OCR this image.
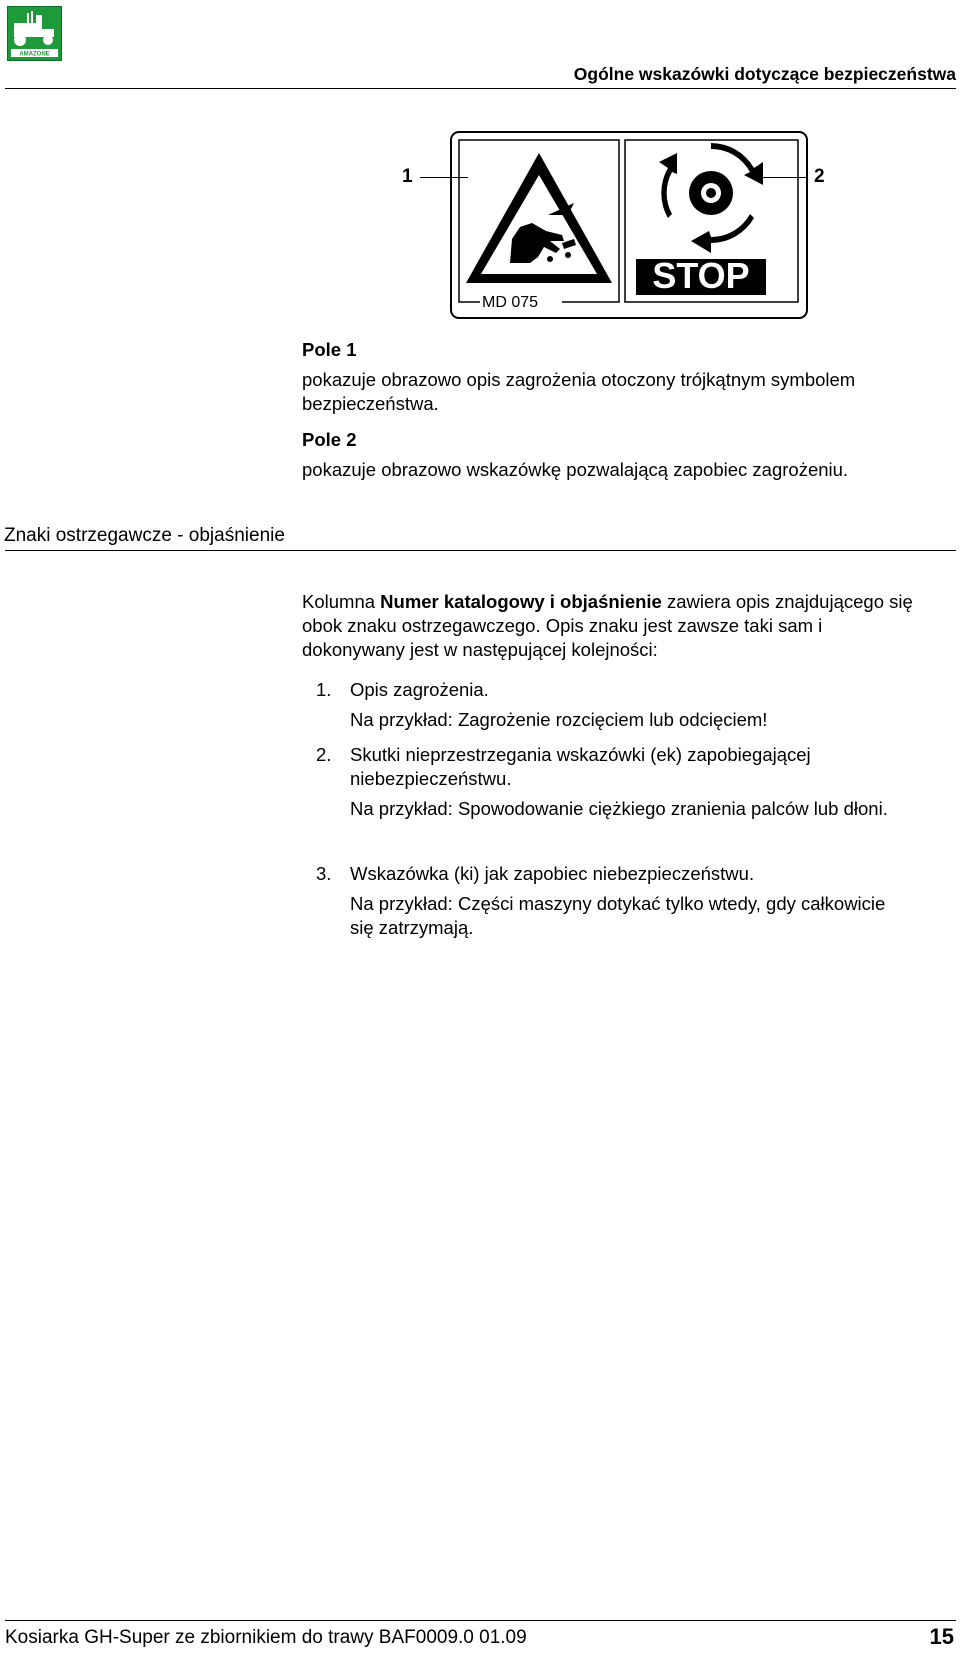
AMAZONE
Ogólne wskazówki dotyczące bezpieczeństwa
STOP
MD 075
1	2

Pole 1

pokazuje obrazowo opis zagrożenia otoczony trójkątnym symbolem bezpieczeństwa.

Pole 2

pokazuje obrazowo wskazówkę pozwalającą zapobiec zagrożeniu.

Znaki ostrzegawcze - objaśnienie

Kolumna Numer katalogowy i objaśnienie zawiera opis znajdującego się obok znaku ostrzegawczego. Opis znaku jest zawsze taki sam i dokonywany jest w następującej kolejności:

1. Opis zagrożenia.

Na przykład: Zagrożenie rozcięciem lub odcięciem!

2. Skutki nieprzestrzegania wskazówki (ek) zapobiegającej niebezpieczeństwu.

Na przykład: Spowodowanie ciężkiego zranienia palców lub dłoni.

3. Wskazówka (ki) jak zapobiec niebezpieczeństwu.

Na przykład: Części maszyny dotykać tylko wtedy, gdy całkowicie się zatrzymają.

Kosiarka GH-Super ze zbiornikiem do trawy BAF0009.0 01.09	15
